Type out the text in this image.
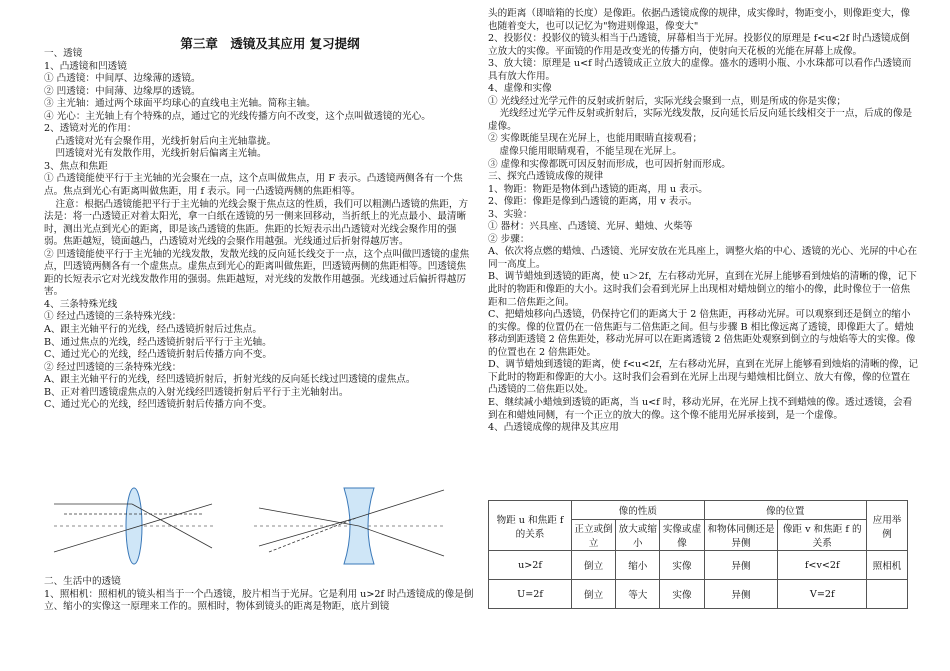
第三章　透镜及其应用 复习提纲
一、透镜
1、凸透镜和凹透镜
① 凸透镜：中间厚、边缘薄的透镜。
② 凹透镜：中间薄、边缘厚的透镜。
③ 主光轴：通过两个球面平均球心的直线电主光轴。简称主轴。
④ 光心：主光轴上有个特殊的点，通过它的光线传播方向不改变，这个点叫做透镜的光心。
2、透镜对光的作用：
凸透镜对光有会聚作用，光线折射后向主光轴靠拢。
凹透镜对光有发散作用，光线折射后偏离主光轴。
3、焦点和焦距
① 凸透镜能使平行于主光轴的光会聚在一点，这个点叫做焦点，用 F 表示。凸透镜两侧各有一个焦点。焦点到光心有距离叫做焦距，用 f 表示。同一凸透镜两侧的焦距相等。
注意：根据凸透镜能把平行于主光轴的光线会聚于焦点这的性质，我们可以粗测凸透镜的焦距，方法是：将一凸透镜正对着太阳光，拿一白纸在透镜的另一侧来回移动，当折纸上的光点最小、最清晰时，测出光点到光心的距离，即是该凸透镜的焦距。焦距的长短表示出凸透镜对光线会聚作用的强弱。焦距越短，镜面越凸，凸透镜对光线的会聚作用越强。光线通过后折射得越厉害。
② 凹透镜能使平行于主光轴的光线发散，发散光线的反向延长线交于一点，这个点叫做凹透镜的虚焦点，凹透镜两侧各有一个虚焦点。虚焦点到光心的距离叫做焦距，凹透镜两侧的焦距相等。凹透镜焦距的长短表示它对光线发散作用的强弱。焦距越短，对光线的发散作用越强。光线通过后偏折得越厉害。
4、三条特殊光线
① 经过凸透镜的三条特殊光线：
A、跟主光轴平行的光线，经凸透镜折射后过焦点。
B、通过焦点的光线，经凸透镜折射后平行于主光轴。
C、通过光心的光线，经凸透镜折射后传播方向不变。
② 经过凹透镜的三条特殊光线：
A、跟主光轴平行的光线，经凹透镜折射后，折射光线的反向延长线过凹透镜的虚焦点。
B、正对着凹透镜虚焦点的入射光线经凹透镜折射后平行于主光轴射出。
C、通过光心的光线，经凹透镜折射后传播方向不变。
二、生活中的透镜
1、照相机：照相机的镜头相当于一个凸透镜，胶片相当于光屏。它是利用 u>2f 时凸透镜成的像是倒立、缩小的实像这一原理来工作的。照相时，物体到镜头的距离是物距，底片到镜
头的距离（即暗箱的长度）是像距。依据凸透镜成像的规律，成实像时，物距变小，则像距变大，像也随着变大，也可以记忆为"物进则像退，像变大"
2、投影仪：投影仪的镜头相当于凸透镜，屏幕相当于光屏。投影仪的原理是 f<u<2f 时凸透镜成倒立放大的实像。平面镜的作用是改变光的传播方向，使射向天花板的光能在屏幕上成像。
3、放大镜：原理是 u<f 时凸透镜成正立放大的虚像。盛水的透明小瓶、小水珠都可以看作凸透镜而具有放大作用。
4、虚像和实像
① 光线经过光学元件的反射或折射后，实际光线会聚到一点，则是所成的你是实像；
光线经过光学元件反射或折射后，实际光线发散，反向延长后反向延长线相交于一点，后成的像是虚像。
② 实像既能呈现在光屏上，也能用眼睛直接观看；
虚像只能用眼睛观看，不能呈现在光屏上。
③ 虚像和实像都既可因反射而形成，也可因折射而形成。
三、探究凸透镜成像的规律
1、物距：物距是物体到凸透镜的距离，用 u 表示。
2、像距：像距是像到凸透镜的距离，用 v 表示。
3、实验：
① 器材：兴具座、凸透镜、光屏、蜡烛、火柴等
② 步骤：
A、依次将点燃的蜡烛、凸透镜、光屏安放在光具座上，调整火焰的中心、透镜的光心、光屏的中心在同一高度上。
B、调节蜡烛到透镜的距离，使 u＞2f，左右移动光屏，直到在光屏上能够看到烛焰的清晰的像，记下此时的物距和像距的大小。这时我们会看到光屏上出现相对蜡烛倒立的缩小的像，此时像位于一倍焦距和二倍焦距之间。
C、把蜡烛移向凸透镜，仍保持它们的距离大于 2 倍焦距，再移动光屏。可以观察到还是倒立的缩小的实像。像的位置仍在一倍焦距与二倍焦距之间。但与步骤 B 相比像远离了透镜，即像距大了。蜡烛移动到距透镜 2 倍焦距处，移动光屏可以在距离透镜 2 倍焦距处观察到倒立的与烛焰等大的实像。像的位置也在 2 倍焦距处。
D、调节蜡烛到透镜的距离，使 f<u<2f，左右移动光屏，直到在光屏上能够看到烛焰的清晰的像，记下此时的物距和像距的大小。这时我们会看到在光屏上出现与蜡烛相比倒立、放大有像，像的位置在凸透镜的二倍焦距以处。
E、继续减小蜡烛到透镜的距离，当 u<f 时，移动光屏，在光屏上找不到蜡烛的像。透过透镜，会看到在和蜡烛同侧，有一个正立的放大的像。这个像不能用光屏承接到，是一个虚像。
4、凸透镜成像的规律及其应用
物距 u 和焦距 f 的关系	像的性质			像的位置		应用举例
	正立或倒立	放大或缩小	实像或虚像	和物体同侧还是异侧	像距 v 和焦距 f 的关系	
u>2f	倒立	缩小	实像	异侧	f<v<2f	照相机
U=2f	倒立	等大	实像	异侧	V=2f	
